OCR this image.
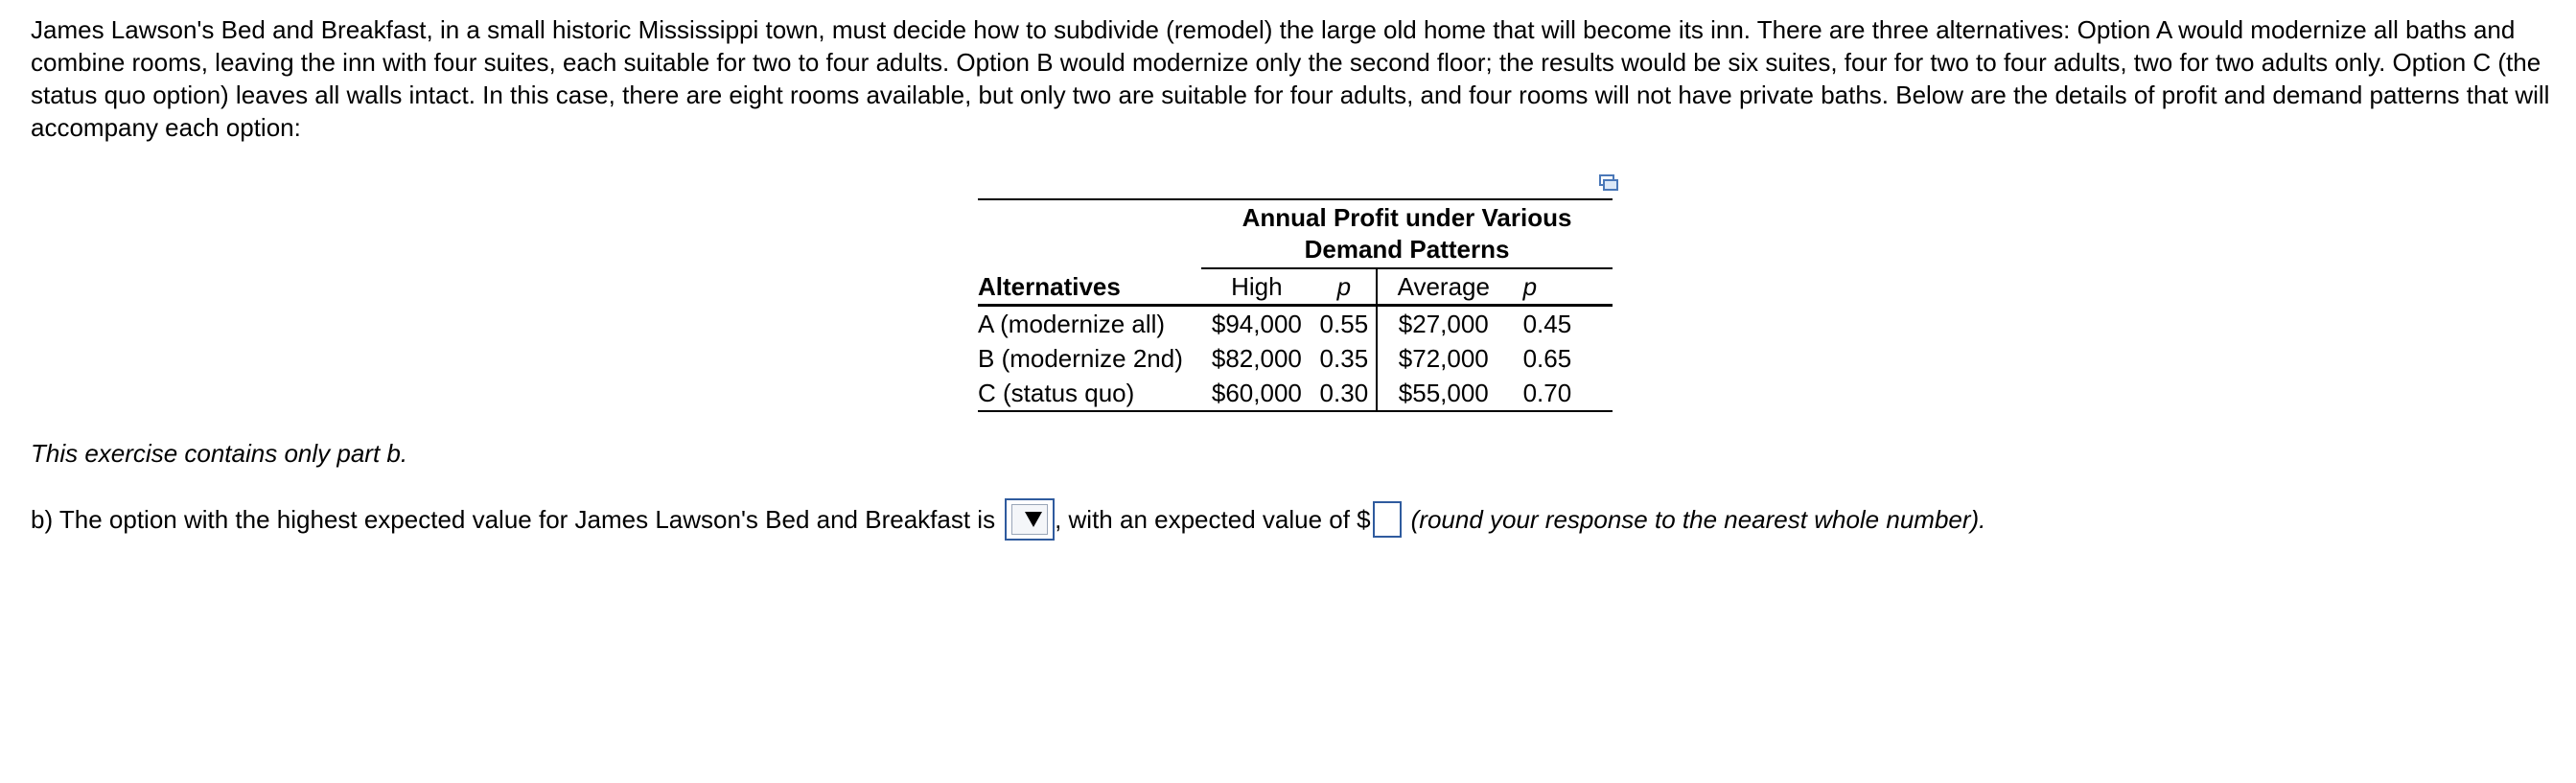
James Lawson's Bed and Breakfast, in a small historic Mississippi town, must decide how to subdivide (remodel) the large old home that will become its inn. There are three alternatives: Option A would modernize all baths and combine rooms, leaving the inn with four suites, each suitable for two to four adults. Option B would modernize only the second floor; the results would be six suites, four for two to four adults, two for two adults only. Option C (the status quo option) leaves all walls intact. In this case, there are eight rooms available, but only two are suitable for four adults, and four rooms will not have private baths. Below are the details of profit and demand patterns that will accompany each option:

	Annual Profit under Various
Demand Patterns			
Alternatives	High	p	Average	p
A (modernize all)	$94,000	0.55	$27,000	0.45
B (modernize 2nd)	$82,000	0.35	$72,000	0.65
C (status quo)	$60,000	0.30	$55,000	0.70

This exercise contains only part b.

b) The option with the highest expected value for James Lawson's Bed and Breakfast is , with an expected value of $ (round your response to the nearest whole number).
